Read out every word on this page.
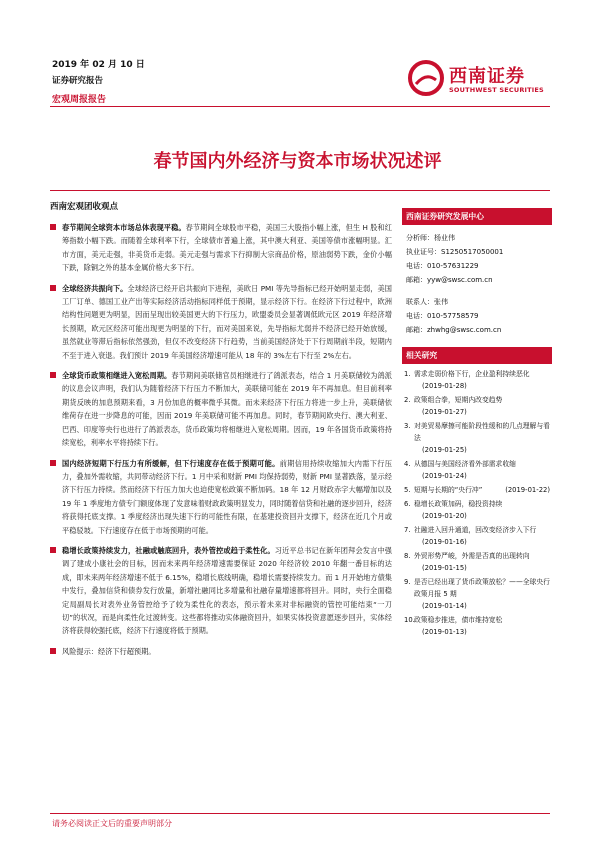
2019 年 02 月 10 日
证券研究报告
宏观周报报告
西南证券
SOUTHWEST SECURITIES
春节国内外经济与资本市场状况述评
西南宏观团收观点
春节期间全球资本市场总体表现平稳。春节期间全球股市平稳，美国三大股指小幅上涨，但生 H 股和红筹指数小幅下跌。而随着全球利率下行，全球债市普遍上涨，其中澳大利亚、美国等债市涨幅明显。汇市方面，美元走强，非美货币走弱。美元走强与需求下行抑制大宗商品价格，原油弱势下跌，金价小幅下跌，除铜之外的基本金属价格大多下行。
全球经济共振向下。全球经济已经开启共振向下进程，美欧日 PMI 等先导指标已经开始明显走弱，美国工厂订单、德国工业产出等实际经济活动指标同样低于预期，显示经济下行。在经济下行过程中，欧洲结构性问题更为明显，因而呈现出较美国更大的下行压力，欧盟委员会显著调低欧元区 2019 年经济增长预期，欧元区经济可能出现更为明显的下行，而对美国来说，先导指标尤弱并不经济已经开始放缓，虽然就业等滞后指标依然强劲，但仅不改变经济下行趋势，当前美国经济处于下行周期前半段，短期内不至于进入衰退。我们预计 2019 年美国经济增速可能从 18 年的 3%左右下行至 2%左右。
全球货币政策相继进入宽松周期。春节期间美联储官员相继进行了鸽派表态，结合 1 月美联储较为鸽派的议息会议声明，我们认为随着经济下行压力不断加大，美联储可能在 2019 年不再加息。但目前利率期货反映的加息预期来看，3 月份加息的概率微乎其微。而未来经济下行压力将进一步上升，美联储依维荷存在进一步降息的可能，因而 2019 年美联储可能不再加息。同时，春节期间欧央行、澳大利亚、巴西、印度等央行也进行了鸽派表态，货币政策均将相继进入宽松周期。因而，19 年各国货币政策将持续宽松，利率水平将持续下行。
国内经济短期下行压力有所缓解，但下行速度存在低于预期可能。前期信用持续收缩加大内需下行压力，叠加外需收缩，共同带动经济下行。1 月中采和财新 PMI 均保持弱势，财新 PMI 显著跌落，显示经济下行压力持续。然而经济下行压力加大也迫使宽松政策不断加码。18 年 12 月财政赤字大幅增加以及 19 年 1 季度地方债专门额度体现了发意味着财政政策明显发力，同时随着信贷和社融的逐步回升，经济将获得托底支撑。1 季度经济出现失速下行的可能性有限，在基建投资回升支撑下，经济在近几个月或平稳驳坡。下行速度存在低于市场预期的可能。
稳增长政策持续发力，社融或触底回升，表外管控或趋于柔性化。习近平总书记在新年团拜会发言中强调了建成小康社会的目标，因而未来两年经济增速需要保证 2020 年经济较 2010 年翻一番目标的达成，即未来两年经济增速不低于 6.15%，稳增长底线明确，稳增长需要持续发力。而 1 月开始地方债集中发行，叠加信贷和债券发行放量，新增社融同比多增量和社融存量增速都将回升。同时，央行全面稳定局副局长对表外业务管控给予了较为柔性化的表态，预示着未来对非标融资的管控可能结束“一刀切”的状况，而是向柔性化过渡转变。这些都将推动实体融资回升，如果实体投资意愿逐步回升，实体经济将获得较强托底，经济下行速度将低于预期。
风险提示：经济下行超预期。
西南证券研究发展中心
分析师：杨业伟
执业证号：S1250517050001
电话：010-57631229
邮箱：yyw@swsc.com.cn
联系人：张伟
电话：010-57758579
邮箱：zhwhg@swsc.com.cn
相关研究
1. 需求走弱价格下行，企业盈利持续恶化
(2019-01-28)
2. 政策组合拳，短期内改变趋势
(2019-01-27)
3. 对美贸易摩擦可能阶段性缓和的几点理解与看法
(2019-01-25)
4. 从德国与美国经济看外部需求收缩
(2019-01-24)
5. 短期与长期的“央行冲”	(2019-01-22)
6. 稳增长政策加码，稳投资持续
(2019-01-20)
7. 社融进入回升通道，回改变经济步入下行
(2019-01-16)
8. 外贸形势严峻，外需是否真的出现转向
(2019-01-15)
9. 是否已经出现了货币政策放松？——全球央行政策月报 5 期
(2019-01-14)
10. 政策稳步推进，债市维持宽松
(2019-01-13)
请务必阅读正文后的重要声明部分
